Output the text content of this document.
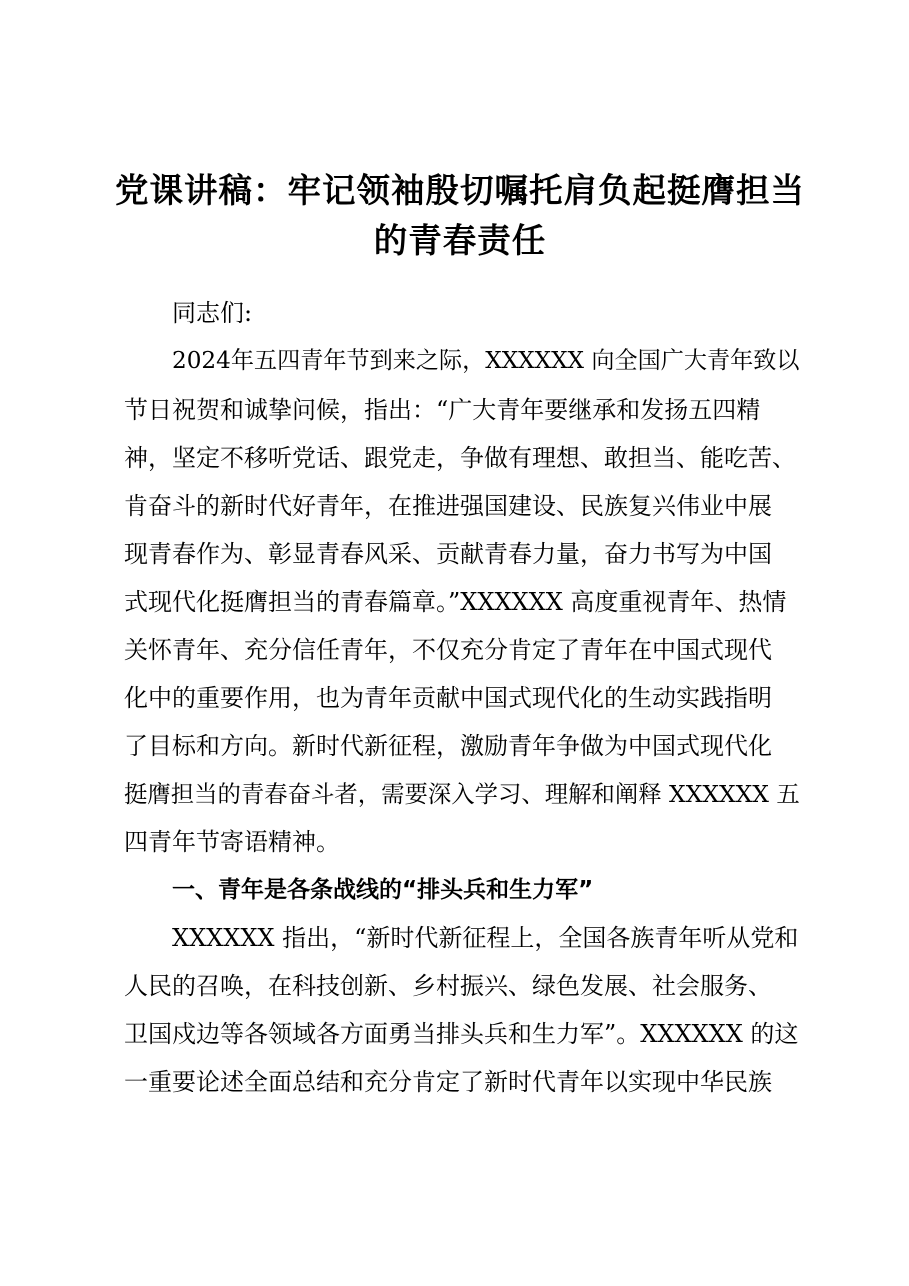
党课讲稿：牢记领袖殷切嘱托肩负起挺膺担当
的青春责任
同志们:
2024年五四青年节到来之际，XXXXXX 向全国广大青年致以
节日祝贺和诚挚问候，指出：“广大青年要继承和发扬五四精
神，坚定不移听党话、跟党走，争做有理想、敢担当、能吃苦、
肯奋斗的新时代好青年，在推进强国建设、民族复兴伟业中展
现青春作为、彰显青春风采、贡献青春力量，奋力书写为中国
式现代化挺膺担当的青春篇章。”XXXXXX 高度重视青年、热情
关怀青年、充分信任青年，不仅充分肯定了青年在中国式现代
化中的重要作用，也为青年贡献中国式现代化的生动实践指明
了目标和方向。新时代新征程，激励青年争做为中国式现代化
挺膺担当的青春奋斗者，需要深入学习、理解和阐释 XXXXXX 五
四青年节寄语精神。
一、青年是各条战线的“排头兵和生力军”
XXXXXX 指出，“新时代新征程上，全国各族青年听从党和
人民的召唤，在科技创新、乡村振兴、绿色发展、社会服务、
卫国戍边等各领域各方面勇当排头兵和生力军”。XXXXXX 的这
一重要论述全面总结和充分肯定了新时代青年以实现中华民族
